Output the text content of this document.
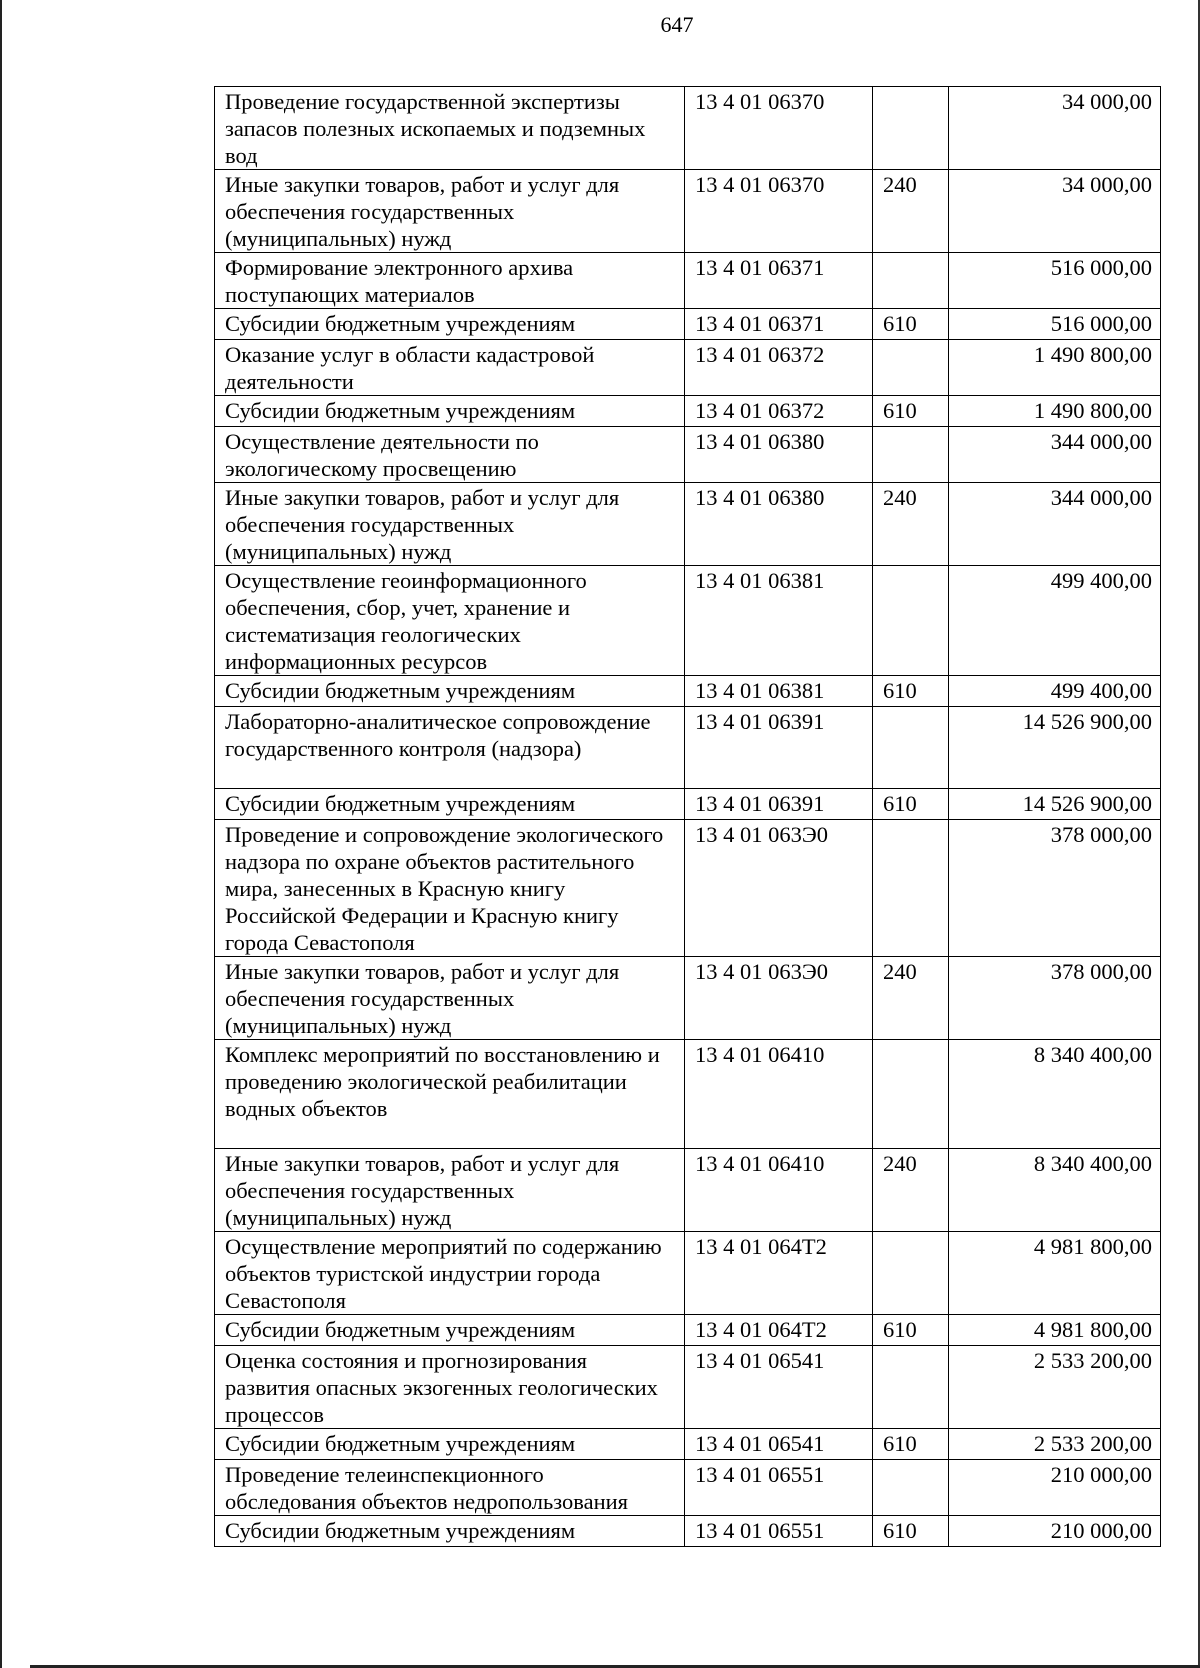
647
Проведение государственной экспертизы запасов полезных ископаемых и подземных вод	13 4 01 06370		34 000,00
Иные закупки товаров, работ и услуг для обеспечения государственных (муниципальных) нужд	13 4 01 06370	240	34 000,00
Формирование электронного архива поступающих материалов	13 4 01 06371		516 000,00
Субсидии бюджетным учреждениям	13 4 01 06371	610	516 000,00
Оказание услуг в области кадастровой деятельности	13 4 01 06372		1 490 800,00
Субсидии бюджетным учреждениям	13 4 01 06372	610	1 490 800,00
Осуществление деятельности по экологическому просвещению	13 4 01 06380		344 000,00
Иные закупки товаров, работ и услуг для обеспечения государственных (муниципальных) нужд	13 4 01 06380	240	344 000,00
Осуществление геоинформационного обеспечения, сбор, учет, хранение и систематизация геологических информационных ресурсов	13 4 01 06381		499 400,00
Субсидии бюджетным учреждениям	13 4 01 06381	610	499 400,00
Лабораторно-аналитическое сопровождение государственного контроля (надзора)	13 4 01 06391		14 526 900,00
Субсидии бюджетным учреждениям	13 4 01 06391	610	14 526 900,00
Проведение и сопровождение экологического надзора по охране объектов растительного мира, занесенных в Красную книгу Российской Федерации и Красную книгу города Севастополя	13 4 01 063Э0		378 000,00
Иные закупки товаров, работ и услуг для обеспечения государственных (муниципальных) нужд	13 4 01 063Э0	240	378 000,00
Комплекс мероприятий по восстановлению и проведению экологической реабилитации водных объектов	13 4 01 06410		8 340 400,00
Иные закупки товаров, работ и услуг для обеспечения государственных (муниципальных) нужд	13 4 01 06410	240	8 340 400,00
Осуществление мероприятий по содержанию объектов туристской индустрии города Севастополя	13 4 01 064Т2		4 981 800,00
Субсидии бюджетным учреждениям	13 4 01 064Т2	610	4 981 800,00
Оценка состояния и прогнозирования развития опасных экзогенных геологических процессов	13 4 01 06541		2 533 200,00
Субсидии бюджетным учреждениям	13 4 01 06541	610	2 533 200,00
Проведение телеинспекционного обследования объектов недропользования	13 4 01 06551		210 000,00
Субсидии бюджетным учреждениям	13 4 01 06551	610	210 000,00
